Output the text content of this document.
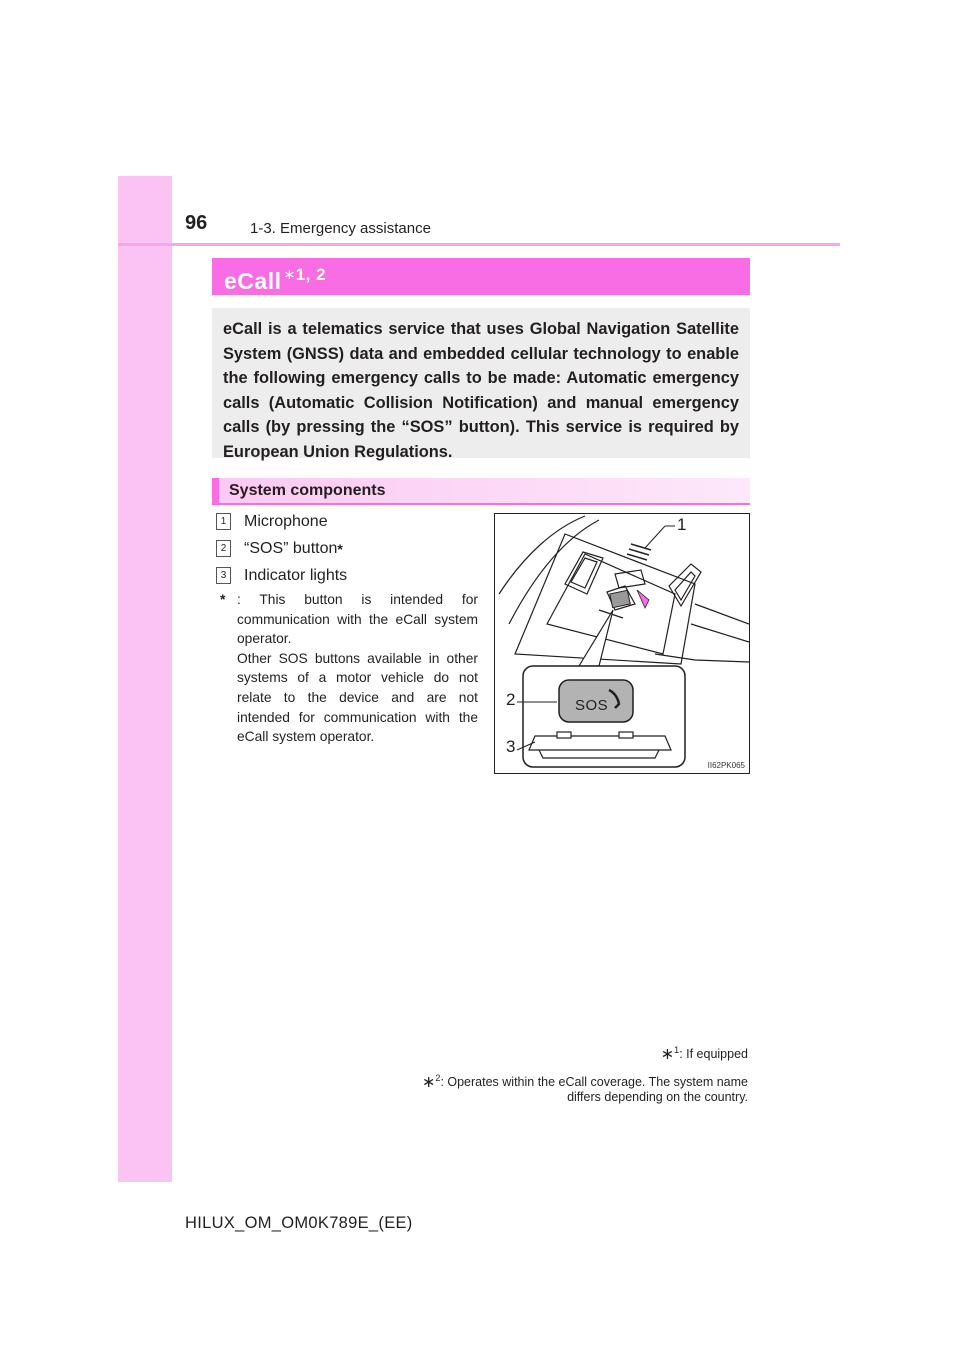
96	1-3. Emergency assistance
eCall $^{∗1, 2}$

eCall is a telematics service that uses Global Navigation Satellite System (GNSS) data and embedded cellular technology to enable the following emergency calls to be made: Automatic emergency calls (Automatic Collision Notification) and manual emergency calls (by pressing the “SOS” button). This service is required by European Union Regulations.

System components
1 Microphone
2 “SOS” button *
3 Indicator lights
* : This button is intended for communication with the eCall system operator.
Other SOS buttons available in other systems of a motor vehicle do not relate to the device and are not intended for communication with the eCall system operator.
1
2
3
SOS
II62PK065
∗$^1$: If equipped
∗$^2$: Operates within the eCall coverage. The system name
differs depending on the country.
HILUX_OM_OM0K789E_(EE)
